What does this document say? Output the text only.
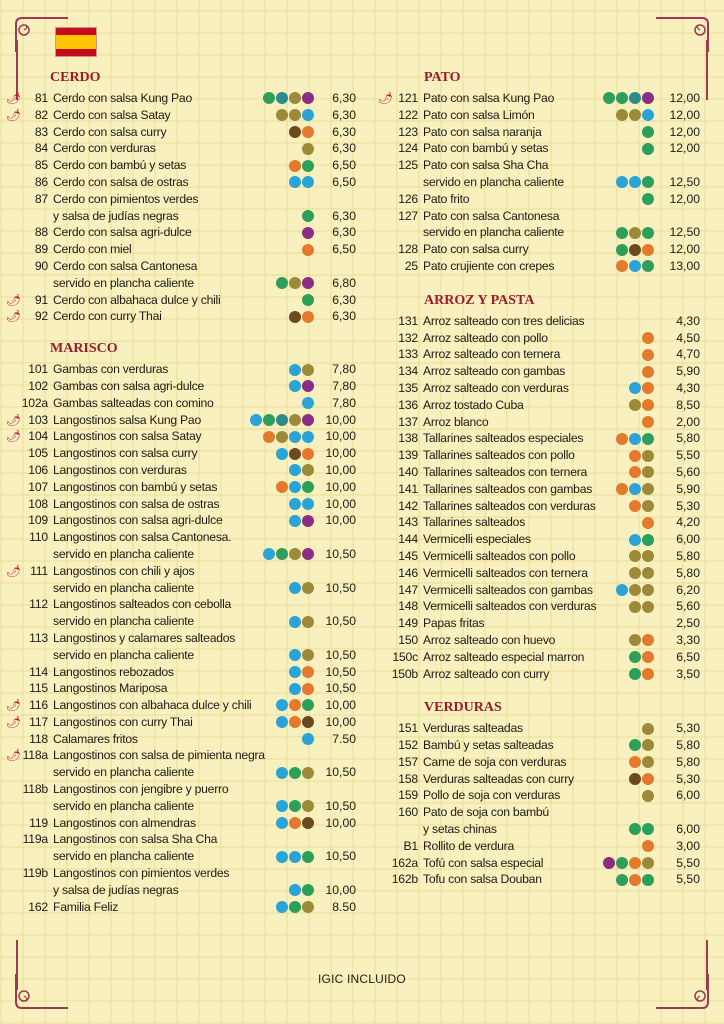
CERDO
🌶	81 Cerdo con salsa Kung Pao	6,30
🌶	82 Cerdo con salsa Satay	6,30
83 Cerdo con salsa curry	6,30
84 Cerdo con verduras	6,30
85 Cerdo con bambú y setas	6,50
86 Cerdo con salsa de ostras	6,50
87 Cerdo con pimientos verdes
y salsa de judías negras	6,30
88 Cerdo con salsa agri-dulce	6,30
89 Cerdo con miel	6,50
90 Cerdo con salsa Cantonesa
servido en plancha caliente	6,80
🌶	91 Cerdo con albahaca dulce y chili	6,30
🌶	92 Cerdo con curry Thai	6,30
MARISCO
101 Gambas con verduras	7,80
102 Gambas con salsa agri-dulce	7,80
102a Gambas salteadas con comino	7,80
🌶 103 Langostinos salsa Kung Pao	10,00
🌶 104 Langostinos con salsa Satay	10,00
105 Langostinos con salsa curry	10,00
106 Langostinos con verduras	10,00
107 Langostinos con bambú y setas	10,00
108 Langostinos con salsa de ostras	10,00
109 Langostinos con salsa agri-dulce	10,00
110 Langostinos con salsa Cantonesa.
servido en plancha caliente	10,50
🌶 111 Langostinos con chili y ajos
servido en plancha caliente	10,50
112 Langostinos salteados con cebolla
servido en plancha caliente	10,50
113 Langostinos y calamares salteados
servido en plancha caliente	10,50
114 Langostinos rebozados	10,50
115 Langostinos Mariposa	10,50
🌶 116 Langostinos con albahaca dulce y chili	10,00
🌶 117 Langostinos con curry Thai	10,00
118 Calamares fritos	7.50
🌶 118a Langostinos con salsa de pimienta negra
servido en plancha caliente	10,50
118b Langostinos con jengibre y puerro
servido en plancha caliente	10,50
119 Langostinos con almendras	10,00
119a Langostinos con salsa Sha Cha
servido en plancha caliente	10,50
119b Langostinos con pimientos verdes
y salsa de judías negras	10,00
162 Familia Feliz	8.50
PATO
🌶 121 Pato con salsa Kung Pao	12,00
122 Pato con salsa Limón	12,00
123 Pato con salsa naranja	12,00
124 Pato con bambú y setas	12,00
125 Pato con salsa Sha Cha
servido en plancha caliente	12,50
126 Pato frito	12,00
127 Pato con salsa Cantonesa
servido en plancha caliente	12,50
128 Pato con salsa curry	12,00
25 Pato crujiente con crepes	13,00
ARROZ Y PASTA
131 Arroz salteado con tres delicias	4,30
132 Arroz salteado con pollo	4,50
133 Arroz salteado con ternera	4,70
134 Arroz salteado con gambas	5,90
135 Arroz salteado con verduras	4,30
136 Arroz tostado Cuba	8,50
137 Arroz blanco	2,00
138 Tallarines salteados especiales	5,80
139 Tallarines salteados con pollo	5,50
140 Tallarines salteados con ternera	5,60
141 Tallarines salteados con gambas	5,90
142 Tallarines salteados con verduras	5,30
143 Tallarines salteados	4,20
144 Vermicelli especiales	6,00
145 Vermicelli salteados con pollo	5,80
146 Vermicelli salteados con ternera	5,80
147 Vermicelli salteados con gambas	6,20
148 Vermicelli salteados con verduras	5,60
149 Papas fritas	2,50
150 Arroz salteado con huevo	3,30
150c Arroz salteado especial marron	6,50
150b Arroz salteado con curry	3,50
VERDURAS
151 Verduras salteadas	5,30
152 Bambú y setas salteadas	5,80
157 Carne de soja con verduras	5,80
158 Verduras salteadas con curry	5,30
159 Pollo de soja con verduras	6,00
160 Pato de soja con bambú
y setas chinas	6,00
B1 Rollito de verdura	3,00
162a Tofú con salsa especial	5,50
162b Tofu con salsa Douban	5,50
IGIC INCLUIDO
